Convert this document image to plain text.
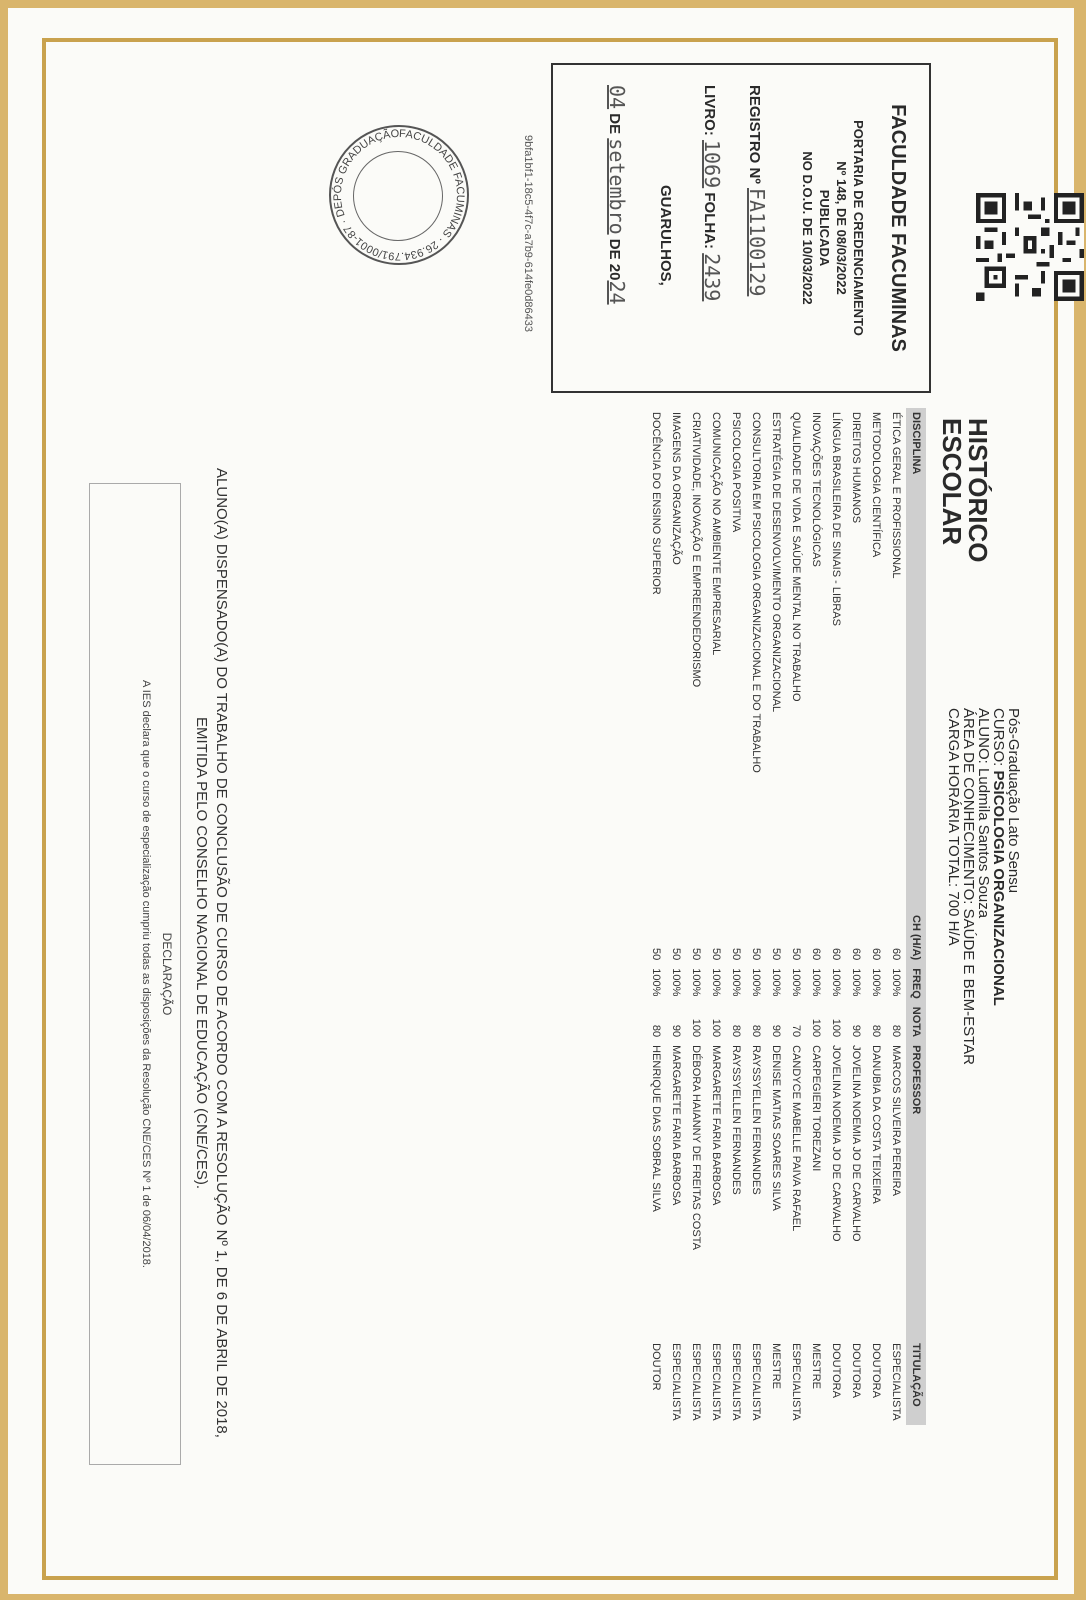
FACULDADE FACUMINAS
PORTARIA DE CREDENCIAMENTO
Nº 148, DE 08/03/2022
PUBLICADA
NO D.O.U. DE 10/03/2022
REGISTRO Nº FA1100129
LIVRO: 1069 FOLHA: 2439
GUARULHOS,
04 DE setembro DE 2024
9bfa1bf1-18c5-4f7c-a7b9-614fe0d86433
FACULDADE FACUMINAS · 26.934.791/0001-87 · DEPÓS GRADUAÇÃO
HISTÓRICO
ESCOLAR
Pós-Graduação Lato Sensu
CURSO: PSICOLOGIA ORGANIZACIONAL
ALUNO: Ludmila Santos Souza
ÁREA DE CONHECIMENTO: SAÚDE E BEM-ESTAR
CARGA HORÁRIA TOTAL: 700 H/A
DISCIPLINA	CH (H/A)	FREQ	NOTA	PROFESSOR	TITULAÇÃO
ÉTICA GERAL E PROFISSIONAL	60	100%	80	MARCOS SILVEIRA PEREIRA	ESPECIALISTA
METODOLOGIA CIENTÍFICA	60	100%	80	DANUBIA DA COSTA TEIXEIRA	DOUTORA
DIREITOS HUMANOS	60	100%	90	JOVELINA NOEMIA JO DE CARVALHO	DOUTORA
LÍNGUA BRASILEIRA DE SINAIS - LIBRAS	60	100%	100	JOVELINA NOEMIA JO DE CARVALHO	DOUTORA
INOVAÇÕES TECNOLÓGICAS	60	100%	100	CARPEGIERI TOREZANI	MESTRE
QUALIDADE DE VIDA E SAÚDE MENTAL NO TRABALHO	50	100%	70	CANDYCE MABELLE PAIVA RAFAEL	ESPECIALISTA
ESTRATÉGIA DE DESENVOLVIMENTO ORGANIZACIONAL	50	100%	90	DENISE MATIAS SOARES SILVA	MESTRE
CONSULTORIA EM PSICOLOGIA ORGANIZACIONAL E DO TRABALHO	50	100%	80	RAYSSYELLEN FERNANDES	ESPECIALISTA
PSICOLOGIA POSITIVA	50	100%	80	RAYSSYELLEN FERNANDES	ESPECIALISTA
COMUNICAÇÃO NO AMBIENTE EMPRESARIAL	50	100%	100	MARGARETE FARIA BARBOSA	ESPECIALISTA
CRIATIVIDADE, INOVAÇÃO E EMPREENDEDORISMO	50	100%	100	DÉBORA HAIANNY DE FREITAS COSTA	ESPECIALISTA
IMAGENS DA ORGANIZAÇÃO	50	100%	90	MARGARETE FARIA BARBOSA	ESPECIALISTA
DOCÊNCIA DO ENSINO SUPERIOR	50	100%	80	HENRIQUE DIAS SOBRAL SILVA	DOUTOR
ALUNO(A) DISPENSADO(A) DO TRABALHO DE CONCLUSÃO DE CURSO DE ACORDO COM A RESOLUÇÃO Nº 1, DE 6 DE ABRIL DE 2018,
EMITIDA PELO CONSELHO NACIONAL DE EDUCAÇÃO (CNE/CES).
DECLARAÇÃO
A IES declara que o curso de especialização cumpriu todas as disposições da Resolução CNE/CES Nº 1 de 06/04/2018.
